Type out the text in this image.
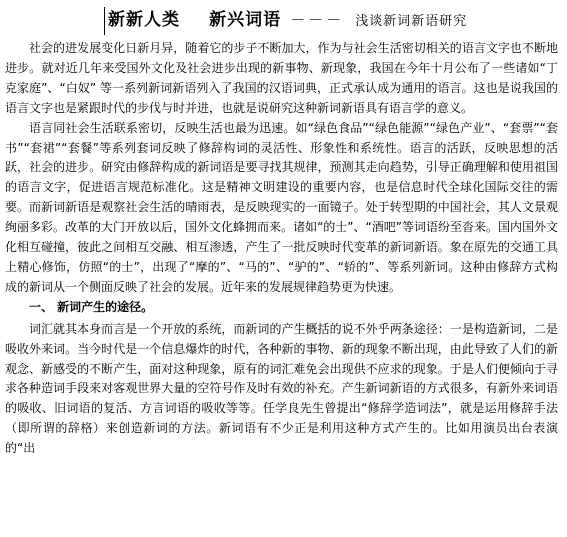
新新人类 新兴词语 －－－ 浅谈新词新语研究

社会的进发展变化日新月异，随着它的步子不断加大，作为与社会生活密切相关的语言文字也不断地进步。就对近几年来受国外文化及社会进步出现的新事物、新现象，我国在今年十月公布了一些诸如“丁克家庭”、“白奴” 等一系列新词新语列入了我国的汉语词典，正式承认成为通用的语言。这也是说我国的语言文字也是紧跟时代的步伐与时并进，也就是说研究这种新词新语具有语言学的意义。

语言同社会生活联系密切，反映生活也最为迅速。如“绿色食品”“绿色能源”“绿色产业”、“套票”“套书”“套裙”“套餐”等系列套词反映了修辞构词的灵活性、形象性和系统性。语言的活跃，反映思想的活跃，社会的进步。研究由修辞构成的新词语是要寻找其规律，预测其走向趋势，引导正确理解和使用祖国的语言文字，促进语言规范标准化。这是精神文明建设的重要内容，也是信息时代全球化国际交往的需要。而新词新语是观察社会生活的晴雨表，是反映现实的一面镜子。处于转型期的中国社会，其人文景观绚丽多彩。改革的大门开放以后，国外文化蜂拥而来。诸如“的士”、“酒吧”等词语纷至沓来。国内国外文化相互碰撞，彼此之间相互交融、相互渗透，产生了一批反映时代变革的新词新语。象在原先的交通工具上精心修饰，仿照“的士”，出现了“摩的”、“马的”、“驴的”、“轿的”、等系列新词。这种由修辞方式构成的新词从一个侧面反映了社会的发展。近年来的发展规律趋势更为快速。

一、 新词产生的途径。

词汇就其本身而言是一个开放的系统，而新词的产生概括的说不外乎两条途径：一是构造新词，二是吸收外来词。当今时代是一个信息爆炸的时代，各种新的事物、新的现象不断出现，由此导致了人们的新观念、新感受的不断产生，面对这种现象，原有的词汇难免会出现供不应求的现象。于是人们便倾向于寻求各种造词手段来对客观世界大量的空符号作及时有效的补充。产生新词新语的方式很多，有新外来词语的吸收、旧词语的复活、方言词语的吸收等等。任学良先生曾提出“修辞学造词法”，就是运用修辞手法（即所谓的辞格）来创造新词的方法。新词语有不少正是利用这种方式产生的。比如用演员出台表演的“出
